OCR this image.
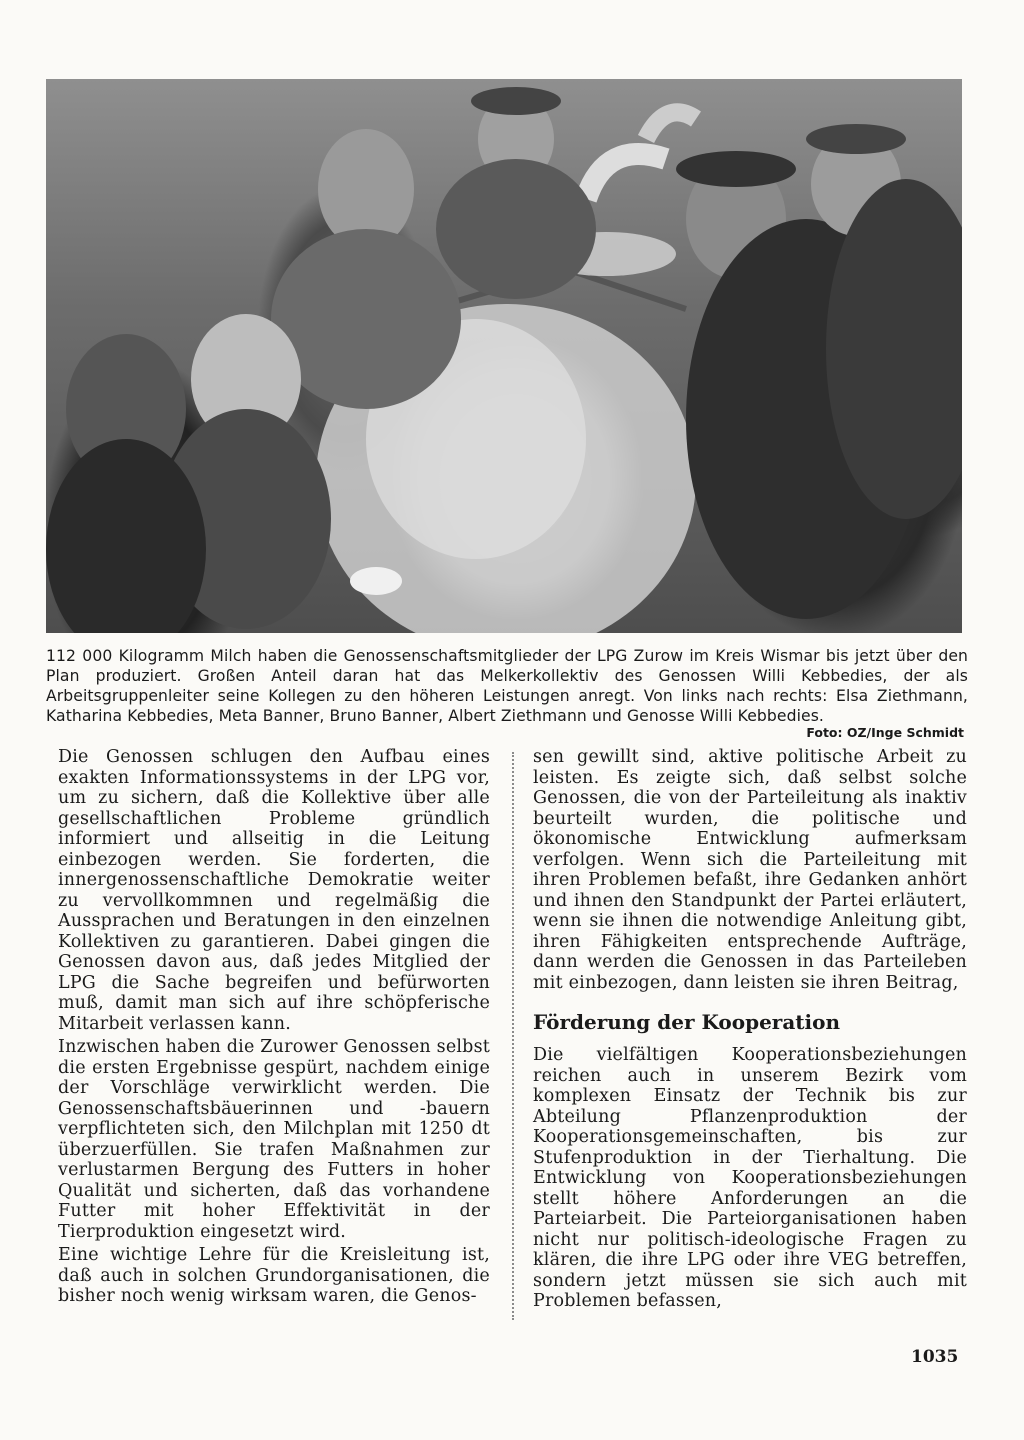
112 000 Kilogramm Milch haben die Genossenschaftsmitglieder der LPG Zurow im Kreis Wismar bis jetzt über den Plan produziert. Großen Anteil daran hat das Melkerkollektiv des Genossen Willi Kebbedies, der als Arbeitsgruppenleiter seine Kollegen zu den höheren Leistungen anregt. Von links nach rechts: Elsa Ziethmann, Katharina Kebbedies, Meta Banner, Bruno Banner, Albert Ziethmann und Genosse Willi Kebbedies.
Foto: OZ/Inge Schmidt

Die Genossen schlugen den Aufbau eines exakten Informationssystems in der LPG vor, um zu sichern, daß die Kollektive über alle gesellschaftlichen Probleme gründlich informiert und allseitig in die Leitung einbezogen werden. Sie forderten, die innergenossenschaftliche Demokratie weiter zu vervollkommnen und regelmäßig die Aussprachen und Beratungen in den einzelnen Kollektiven zu garantieren. Dabei gingen die Genossen davon aus, daß jedes Mitglied der LPG die Sache begreifen und befürworten muß, damit man sich auf ihre schöpferische Mitarbeit verlassen kann.

Inzwischen haben die Zurower Genossen selbst die ersten Ergebnisse gespürt, nachdem einige der Vorschläge verwirklicht werden. Die Genossenschaftsbäuerinnen und -bauern verpflichteten sich, den Milchplan mit 1250 dt überzuerfüllen. Sie trafen Maßnahmen zur verlustarmen Bergung des Futters in hoher Qualität und sicherten, daß das vorhandene Futter mit hoher Effektivität in der Tierproduktion eingesetzt wird.

Eine wichtige Lehre für die Kreisleitung ist, daß auch in solchen Grundorganisationen, die bisher noch wenig wirksam waren, die Genos-

sen gewillt sind, aktive politische Arbeit zu leisten. Es zeigte sich, daß selbst solche Genossen, die von der Parteileitung als inaktiv beurteilt wurden, die politische und ökonomische Entwicklung aufmerksam verfolgen. Wenn sich die Parteileitung mit ihren Problemen befaßt, ihre Gedanken anhört und ihnen den Standpunkt der Partei erläutert, wenn sie ihnen die notwendige Anleitung gibt, ihren Fähigkeiten entsprechende Aufträge, dann werden die Genossen in das Parteileben mit einbezogen, dann leisten sie ihren Beitrag,

Förderung der Kooperation

Die vielfältigen Kooperationsbeziehungen reichen auch in unserem Bezirk vom komplexen Einsatz der Technik bis zur Abteilung Pflanzenproduktion der Kooperationsgemeinschaften, bis zur Stufenproduktion in der Tierhaltung. Die Entwicklung von Kooperationsbeziehungen stellt höhere Anforderungen an die Parteiarbeit. Die Parteiorganisationen haben nicht nur politisch-ideologische Fragen zu klären, die ihre LPG oder ihre VEG betreffen, sondern jetzt müssen sie sich auch mit Problemen befassen,

1035
